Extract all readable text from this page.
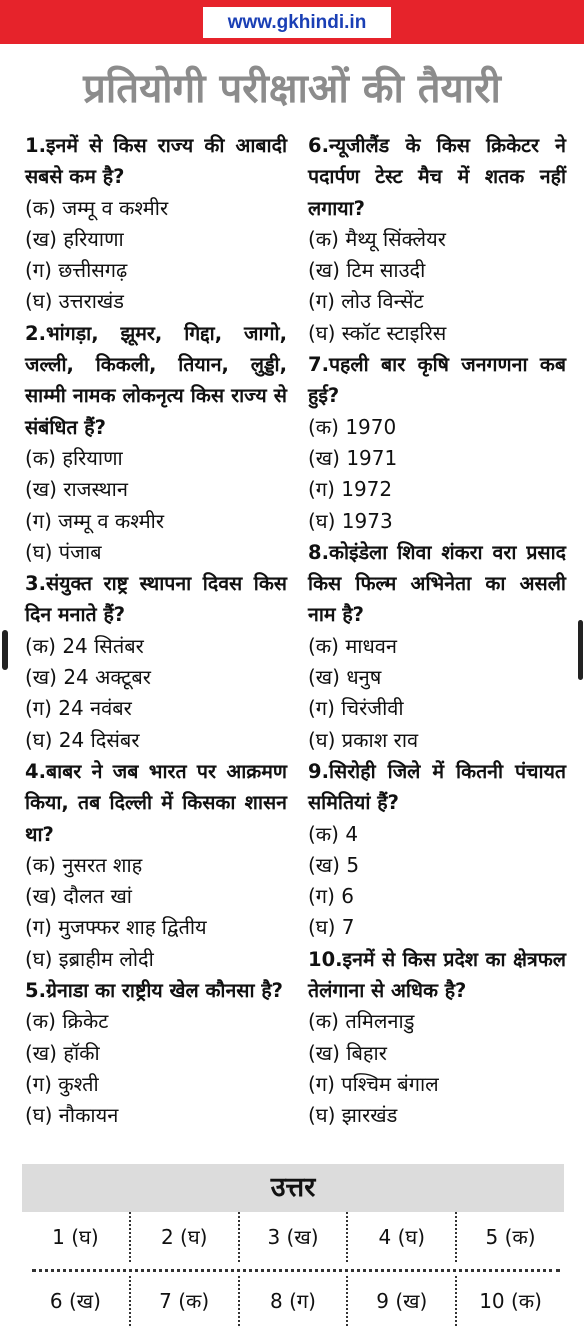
www.gkhindi.in
प्रतियोगी परीक्षाओं की तैयारी

1.इनमें से किस राज्य की आबादी सबसे कम है?

(क) जम्मू व कश्मीर
(ख) हरियाणा
(ग) छत्तीसगढ़
(घ) उत्तराखंड

2.भांगड़ा, झूमर, गिद्दा, जागो, जल्ली, किकली, तियान, लुड्डी, साम्मी नामक लोकनृत्य किस राज्य से संबंधित हैं?

(क) हरियाणा
(ख) राजस्थान
(ग) जम्मू व कश्मीर
(घ) पंजाब

3.संयुक्त राष्ट्र स्थापना दिवस किस दिन मनाते हैं?

(क) 24 सितंबर
(ख) 24 अक्टूबर
(ग) 24 नवंबर
(घ) 24 दिसंबर

4.बाबर ने जब भारत पर आक्रमण किया, तब दिल्ली में किसका शासन था?

(क) नुसरत शाह
(ख) दौलत खां
(ग) मुजफ्फर शाह द्वितीय
(घ) इब्राहीम लोदी

5.ग्रेनाडा का राष्ट्रीय खेल कौनसा है?

(क) क्रिकेट
(ख) हॉकी
(ग) कुश्ती
(घ) नौकायन

6.न्यूजीलैंड के किस क्रिकेटर ने पदार्पण टेस्ट मैच में शतक नहीं लगाया?

(क) मैथ्यू सिंक्लेयर
(ख) टिम साउदी
(ग) लोउ विन्सेंट
(घ) स्कॉट स्टाइरिस

7.पहली बार कृषि जनगणना कब हुई?

(क) 1970
(ख) 1971
(ग) 1972
(घ) 1973

8.कोइंडेला शिवा शंकरा वरा प्रसाद किस फिल्म अभिनेता का असली नाम है?

(क) माधवन
(ख) धनुष
(ग) चिरंजीवी
(घ) प्रकाश राव

9.सिरोही जिले में कितनी पंचायत समितियां हैं?

(क) 4
(ख) 5
(ग) 6
(घ) 7

10.इनमें से किस प्रदेश का क्षेत्रफल तेलंगाना से अधिक है?

(क) तमिलनाडु
(ख) बिहार
(ग) पश्चिम बंगाल
(घ) झारखंड
उत्तर
1 (घ)	2 (घ)	3 (ख)	4 (घ)	5 (क)
6 (ख)	7 (क)	8 (ग)	9 (ख)	10 (क)
